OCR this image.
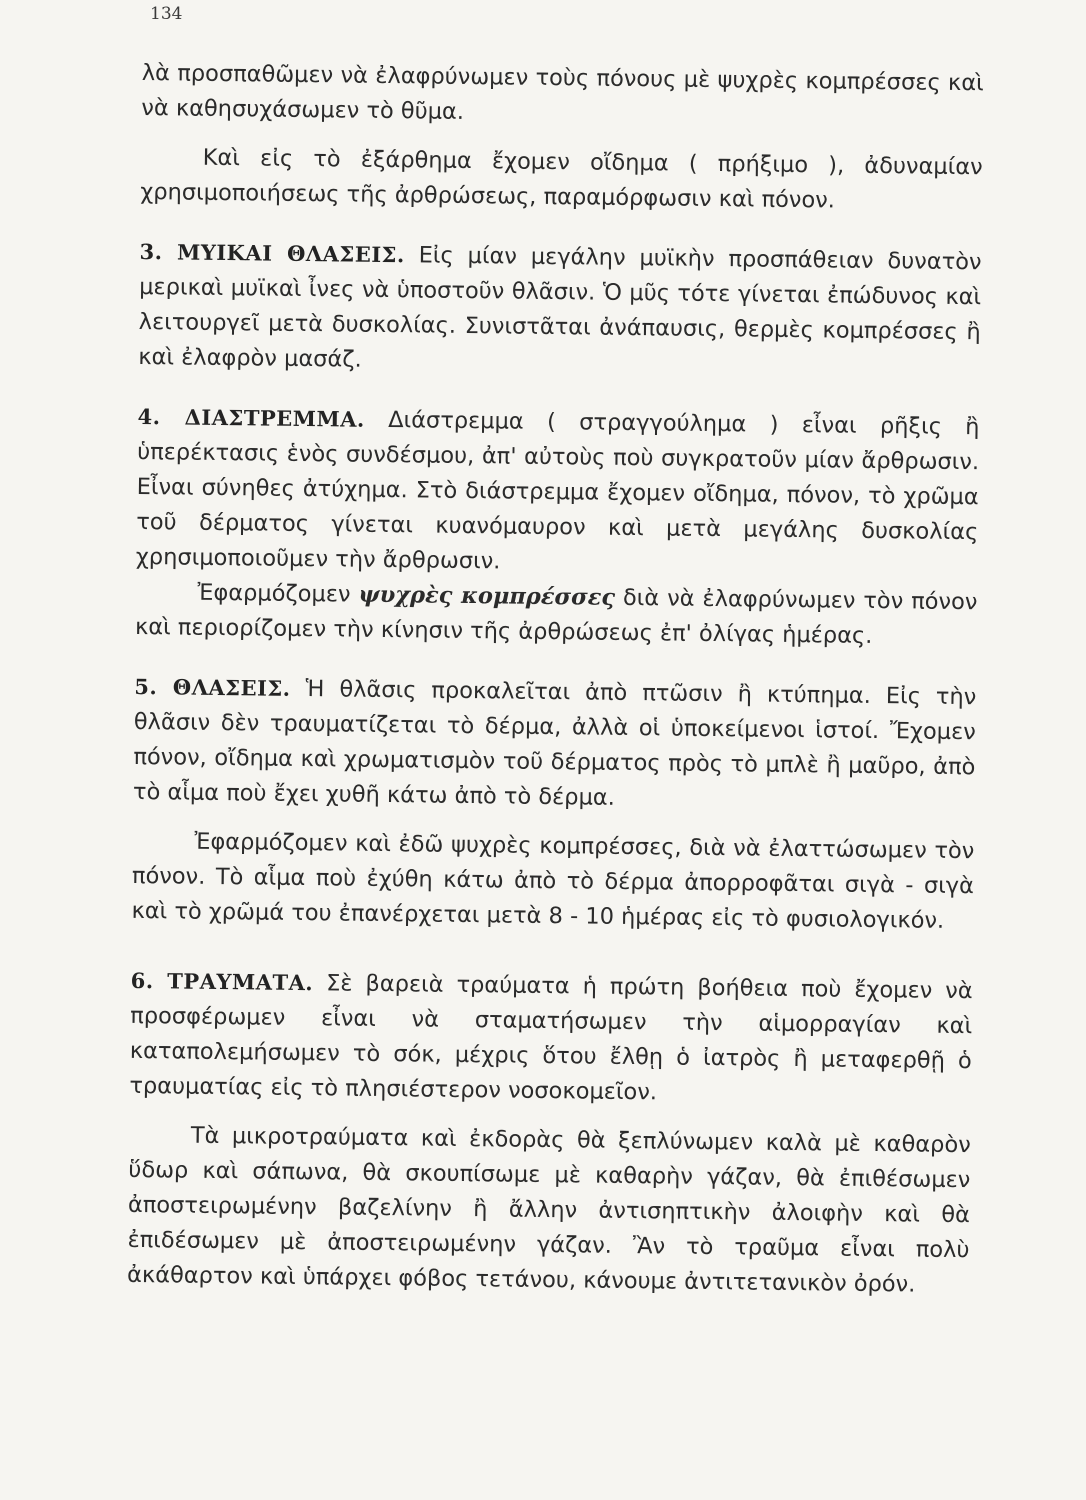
134

λὰ προσπαθῶμεν νὰ ἐλαφρύνωμεν τοὺς πόνους μὲ ψυχρὲς κομπρέσσες καὶ νὰ καθησυχάσωμεν τὸ θῦμα.

Καὶ εἰς τὸ ἐξάρθημα ἔχομεν οἴδημα ( πρήξιμο ), ἀδυναμίαν χρησιμοποιήσεως τῆς ἀρθρώσεως, παραμόρφωσιν καὶ πόνον.

3. ΜΥΙΚΑΙ ΘΛΑΣΕΙΣ. Εἰς μίαν μεγάλην μυϊκὴν προσπάθειαν δυνατὸν μερικαὶ μυϊκαὶ ἶνες νὰ ὑποστοῦν θλᾶσιν. Ὁ μῦς τότε γίνεται ἐπώδυνος καὶ λειτουργεῖ μετὰ δυσκολίας. Συνιστᾶται ἀνάπαυσις, θερμὲς κομπρέσσες ἢ καὶ ἐλαφρὸν μασάζ.

4. ΔΙΑΣΤΡΕΜΜΑ. Διάστρεμμα ( στραγγούλημα ) εἶναι ρῆξις ἢ ὑπερέκτασις ἑνὸς συνδέσμου, ἀπ' αὐτοὺς ποὺ συγκρατοῦν μίαν ἄρθρωσιν. Εἶναι σύνηθες ἀτύχημα. Στὸ διάστρεμμα ἔχομεν οἴδημα, πόνον, τὸ χρῶμα τοῦ δέρματος γίνεται κυανόμαυρον καὶ μετὰ μεγάλης δυσκολίας χρησιμοποιοῦμεν τὴν ἄρθρωσιν.

Ἐφαρμόζομεν ψυχρὲς κομπρέσσες διὰ νὰ ἐλαφρύνωμεν τὸν πόνον καὶ περιορίζομεν τὴν κίνησιν τῆς ἀρθρώσεως ἐπ' ὀλίγας ἡμέρας.

5. ΘΛΑΣΕΙΣ. Ἡ θλᾶσις προκαλεῖται ἀπὸ πτῶσιν ἢ κτύπημα. Εἰς τὴν θλᾶσιν δὲν τραυματίζεται τὸ δέρμα, ἀλλὰ οἱ ὑποκείμενοι ἱστοί. Ἔχομεν πόνον, οἴδημα καὶ χρωματισμὸν τοῦ δέρματος πρὸς τὸ μπλὲ ἢ μαῦρο, ἀπὸ τὸ αἷμα ποὺ ἔχει χυθῆ κάτω ἀπὸ τὸ δέρμα.

Ἐφαρμόζομεν καὶ ἐδῶ ψυχρὲς κομπρέσσες, διὰ νὰ ἐλαττώσωμεν τὸν πόνον. Τὸ αἷμα ποὺ ἐχύθη κάτω ἀπὸ τὸ δέρμα ἀπορροφᾶται σιγὰ - σιγὰ καὶ τὸ χρῶμά του ἐπανέρχεται μετὰ 8 - 10 ἡμέρας εἰς τὸ φυσιολογικόν.

6. ΤΡΑΥΜΑΤΑ. Σὲ βαρειὰ τραύματα ἡ πρώτη βοήθεια ποὺ ἔχομεν νὰ προσφέρωμεν εἶναι νὰ σταματήσωμεν τὴν αἱμορραγίαν καὶ καταπολεμήσωμεν τὸ σόκ, μέχρις ὅτου ἔλθῃ ὁ ἰατρὸς ἢ μεταφερθῇ ὁ τραυματίας εἰς τὸ πλησιέστερον νοσοκομεῖον.

Τὰ μικροτραύματα καὶ ἐκδορὰς θὰ ξεπλύνωμεν καλὰ μὲ καθαρὸν ὕδωρ καὶ σάπωνα, θὰ σκουπίσωμε μὲ καθαρὴν γάζαν, θὰ ἐπιθέσωμεν ἀποστειρωμένην βαζελίνην ἢ ἄλλην ἀντισηπτικὴν ἀλοιφὴν καὶ θὰ ἐπιδέσωμεν μὲ ἀποστειρωμένην γάζαν. Ἂν τὸ τραῦμα εἶναι πολὺ ἀκάθαρτον καὶ ὑπάρχει φόβος τετάνου, κάνουμε ἀντιτετανικὸν ὀρόν.
